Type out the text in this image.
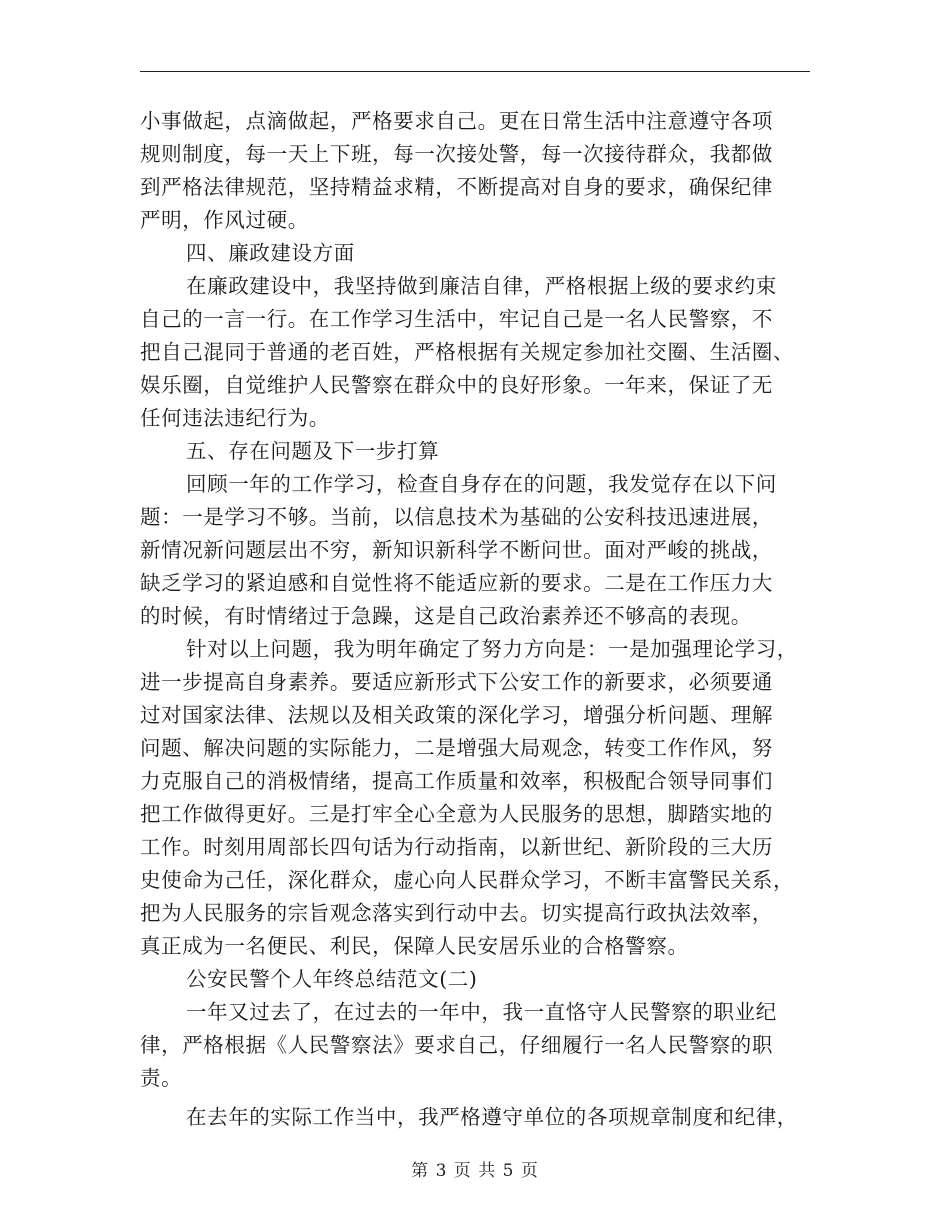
小事做起，点滴做起，严格要求自己。更在日常生活中注意遵守各项
规则制度，每一天上下班，每一次接处警，每一次接待群众，我都做
到严格法律规范，坚持精益求精，不断提高对自身的要求，确保纪律
严明，作风过硬。
四、廉政建设方面
在廉政建设中，我坚持做到廉洁自律，严格根据上级的要求约束
自己的一言一行。在工作学习生活中，牢记自己是一名人民警察，不
把自己混同于普通的老百姓，严格根据有关规定参加社交圈、生活圈、
娱乐圈，自觉维护人民警察在群众中的良好形象。一年来，保证了无
任何违法违纪行为。
五、存在问题及下一步打算
回顾一年的工作学习，检查自身存在的问题，我发觉存在以下问
题：一是学习不够。当前，以信息技术为基础的公安科技迅速进展，
新情况新问题层出不穷，新知识新科学不断问世。面对严峻的挑战，
缺乏学习的紧迫感和自觉性将不能适应新的要求。二是在工作压力大
的时候，有时情绪过于急躁，这是自己政治素养还不够高的表现。
针对以上问题，我为明年确定了努力方向是：一是加强理论学习，
进一步提高自身素养。要适应新形式下公安工作的新要求，必须要通
过对国家法律、法规以及相关政策的深化学习，增强分析问题、理解
问题、解决问题的实际能力，二是增强大局观念，转变工作作风，努
力克服自己的消极情绪，提高工作质量和效率，积极配合领导同事们
把工作做得更好。三是打牢全心全意为人民服务的思想，脚踏实地的
工作。时刻用周部长四句话为行动指南，以新世纪、新阶段的三大历
史使命为己任，深化群众，虚心向人民群众学习，不断丰富警民关系，
把为人民服务的宗旨观念落实到行动中去。切实提高行政执法效率，
真正成为一名便民、利民，保障人民安居乐业的合格警察。
公安民警个人年终总结范文(二)
一年又过去了，在过去的一年中，我一直恪守人民警察的职业纪
律，严格根据《人民警察法》要求自己，仔细履行一名人民警察的职
责。
在去年的实际工作当中，我严格遵守单位的各项规章制度和纪律，
第 3 页 共 5 页
